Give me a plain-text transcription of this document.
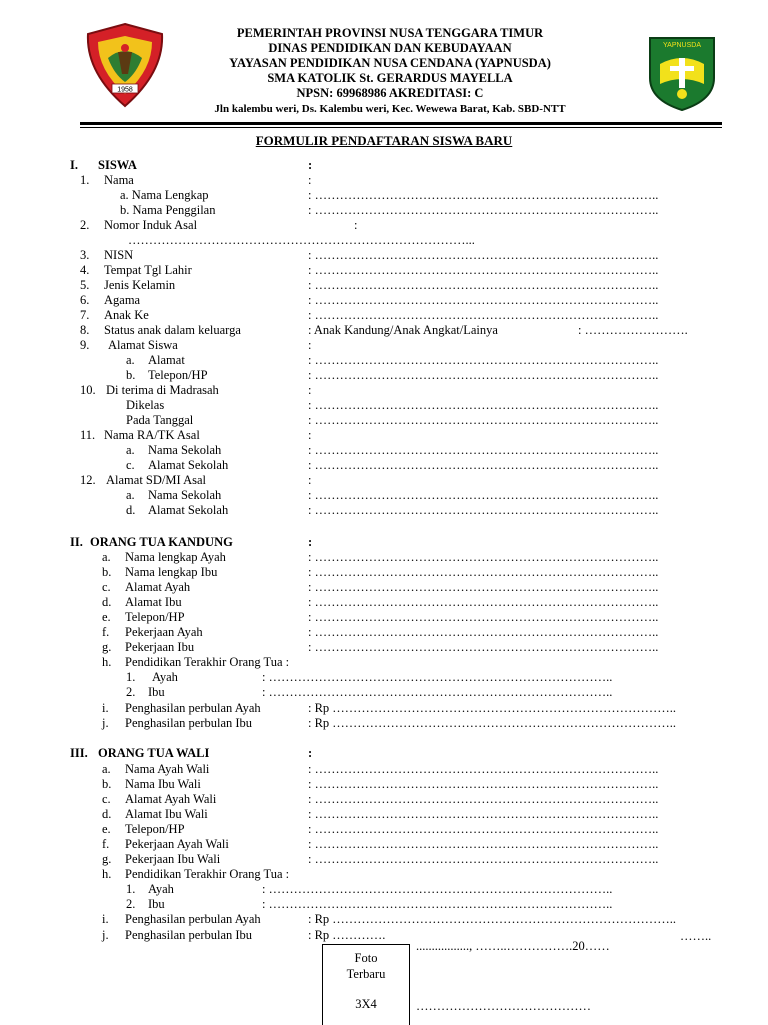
1958
PEMERINTAH PROVINSI NUSA TENGGARA TIMUR
DINAS PENDIDIKAN DAN KEBUDAYAAN
YAYASAN PENDIDIKAN NUSA CENDANA (YAPNUSDA)
SMA KATOLIK St. GERARDUS MAYELLA
NPSN: 69968986 AKREDITASI: C
Jln kalembu weri, Ds. Kalembu weri, Kec. Wewewa Barat, Kab. SBD-NTT
YAPNUSDA
FORMULIR PENDAFTARAN SISWA BARU
I. SISWA	:
1. Nama	:
a. Nama Lengkap	: ………………………………………………………………………..
b. Nama Penggilan	: ………………………………………………………………………..
2. Nomor Induk Asal	:
………………………………………………………………………...
3. NISN	: ………………………………………………………………………..
4. Tempat Tgl Lahir	: ………………………………………………………………………..
5. Jenis Kelamin	: ………………………………………………………………………..
6. Agama	: ………………………………………………………………………..
7. Anak Ke	: ………………………………………………………………………..
8. Status anak dalam keluarga	: Anak Kandung/Anak Angkat/Lainya	: …………………….
9. Alamat Siswa	:
a. Alamat	: ………………………………………………………………………..
b. Telepon/HP	: ………………………………………………………………………..
10. Di terima di Madrasah	:
Dikelas	: ………………………………………………………………………..
Pada Tanggal	: ………………………………………………………………………..
11. Nama RA/TK Asal	:
a. Nama Sekolah	: ………………………………………………………………………..
c. Alamat Sekolah	: ………………………………………………………………………..
12. Alamat SD/MI Asal	:
a. Nama Sekolah	: ………………………………………………………………………..
d. Alamat Sekolah	: ………………………………………………………………………..
II. ORANG TUA KANDUNG	:
a. Nama lengkap Ayah	: ………………………………………………………………………..
b. Nama lengkap Ibu	: ………………………………………………………………………..
c. Alamat Ayah	: ………………………………………………………………………..
d. Alamat Ibu	: ………………………………………………………………………..
e. Telepon/HP	: ………………………………………………………………………..
f. Pekerjaan Ayah	: ………………………………………………………………………..
g. Pekerjaan Ibu	: ………………………………………………………………………..
h. Pendidikan Terakhir Orang Tua :
1. Ayah	: ………………………………………………………………………..
2. Ibu	: ………………………………………………………………………..
i. Penghasilan perbulan Ayah	: Rp ………………………………………………………………………..
j. Penghasilan perbulan Ibu	: Rp ………………………………………………………………………..
III. ORANG TUA WALI	:
a. Nama Ayah Wali	: ………………………………………………………………………..
b. Nama Ibu Wali	: ………………………………………………………………………..
c. Alamat Ayah Wali	: ………………………………………………………………………..
d. Alamat Ibu Wali	: ………………………………………………………………………..
e. Telepon/HP	: ………………………………………………………………………..
f. Pekerjaan Ayah Wali	: ………………………………………………………………………..
g. Pekerjaan Ibu Wali	: ………………………………………………………………………..
h. Pendidikan Terakhir Orang Tua :
1. Ayah	: ………………………………………………………………………..
2. Ibu	: ………………………………………………………………………..
i. Penghasilan perbulan Ayah	: Rp ………………………………………………………………………..
j. Penghasilan perbulan Ibu	: Rp ………….
................., ……..…………….20……
……..
Foto
Terbaru
3X4	……………………………………
